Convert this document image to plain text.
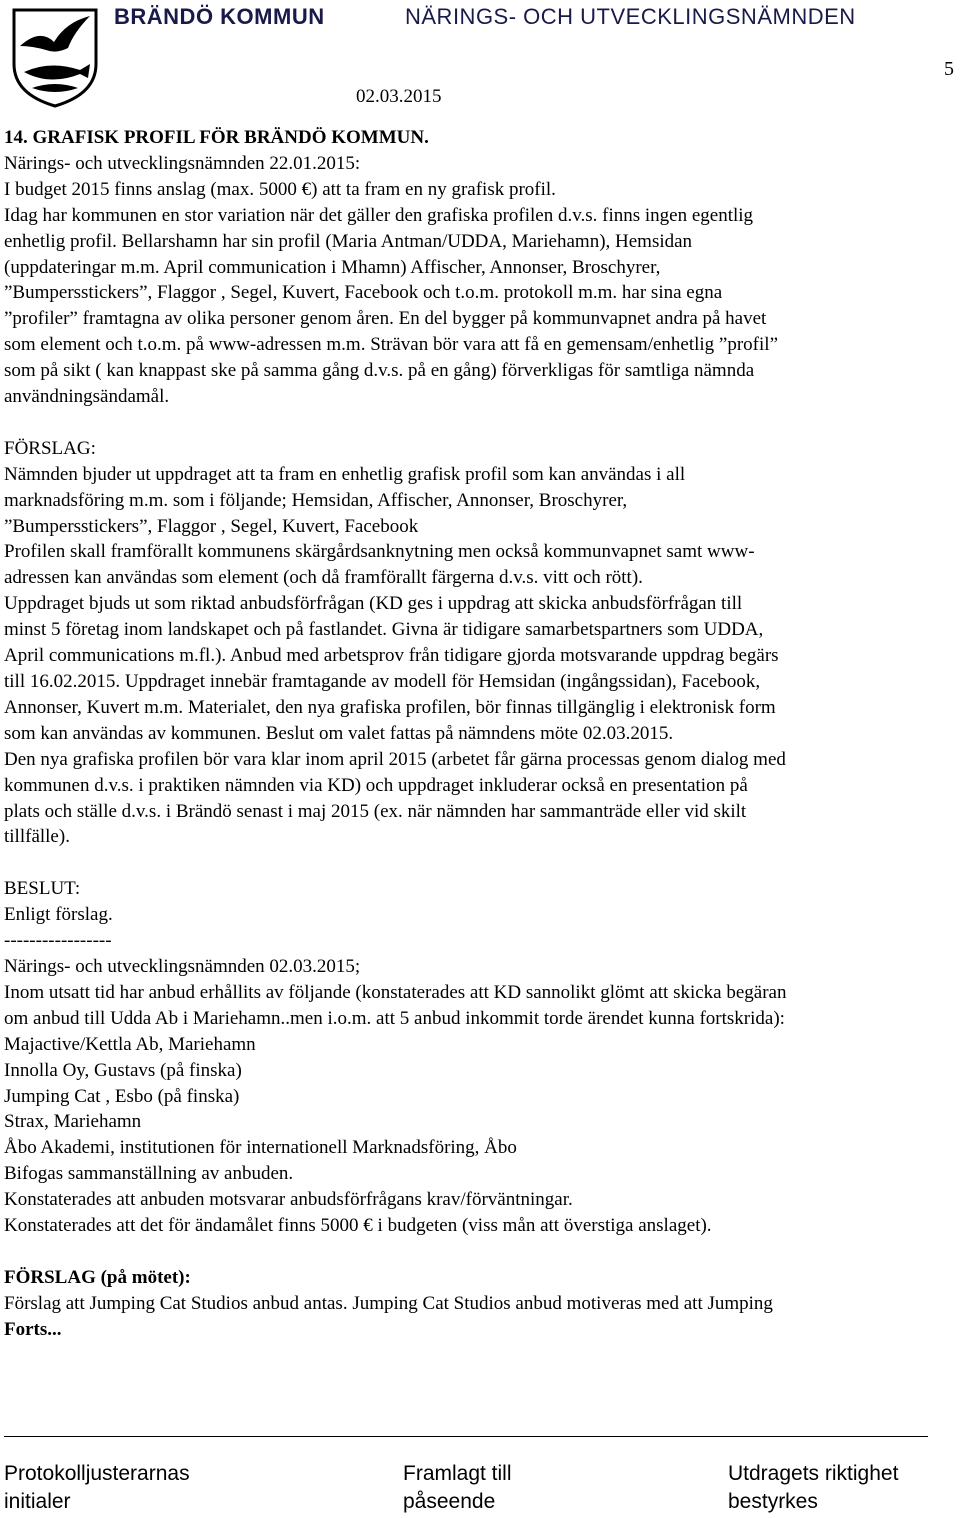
BRÄNDÖ KOMMUN	NÄRINGS- OCH UTVECKLINGSNÄMNDEN
5
02.03.2015
14. GRAFISK PROFIL FÖR BRÄNDÖ KOMMUN.
Närings- och utvecklingsnämnden 22.01.2015:
I budget 2015 finns anslag (max. 5000 €) att ta fram en ny grafisk profil.
Idag har kommunen en stor variation när det gäller den grafiska profilen d.v.s. finns ingen egentlig
enhetlig profil. Bellarshamn har sin profil (Maria Antman/UDDA, Mariehamn), Hemsidan
(uppdateringar m.m. April communication i Mhamn) Affischer, Annonser, Broschyrer,
”Bumpersstickers”, Flaggor , Segel, Kuvert, Facebook och t.o.m. protokoll m.m. har sina egna
”profiler” framtagna av olika personer genom åren. En del bygger på kommunvapnet andra på havet
som element och t.o.m. på www-adressen m.m. Strävan bör vara att få en gemensam/enhetlig ”profil”
som på sikt ( kan knappast ske på samma gång d.v.s. på en gång) förverkligas för samtliga nämnda
användningsändamål.
FÖRSLAG:
Nämnden bjuder ut uppdraget att ta fram en enhetlig grafisk profil som kan användas i all
marknadsföring m.m. som i följande; Hemsidan, Affischer, Annonser, Broschyrer,
”Bumpersstickers”, Flaggor , Segel, Kuvert, Facebook
Profilen skall framförallt kommunens skärgårdsanknytning men också kommunvapnet samt www-
adressen kan användas som element (och då framförallt färgerna d.v.s. vitt och rött).
Uppdraget bjuds ut som riktad anbudsförfrågan (KD ges i uppdrag att skicka anbudsförfrågan till
minst 5 företag inom landskapet och på fastlandet. Givna är tidigare samarbetspartners som UDDA,
April communications m.fl.). Anbud med arbetsprov från tidigare gjorda motsvarande uppdrag begärs
till 16.02.2015. Uppdraget innebär framtagande av modell för Hemsidan (ingångssidan), Facebook,
Annonser, Kuvert m.m. Materialet, den nya grafiska profilen, bör finnas tillgänglig i elektronisk form
som kan användas av kommunen. Beslut om valet fattas på nämndens möte 02.03.2015.
Den nya grafiska profilen bör vara klar inom april 2015 (arbetet får gärna processas genom dialog med
kommunen d.v.s. i praktiken nämnden via KD) och uppdraget inkluderar också en presentation på
plats och ställe d.v.s. i Brändö senast i maj 2015 (ex. när nämnden har sammanträde eller vid skilt
tillfälle).
BESLUT:
Enligt förslag.
-----------------
Närings- och utvecklingsnämnden 02.03.2015;
Inom utsatt tid har anbud erhållits av följande (konstaterades att KD sannolikt glömt att skicka begäran
om anbud till Udda Ab i Mariehamn..men i.o.m. att 5 anbud inkommit torde ärendet kunna fortskrida):
Majactive/Kettla Ab, Mariehamn
Innolla Oy, Gustavs (på finska)
Jumping Cat , Esbo (på finska)
Strax, Mariehamn
Åbo Akademi, institutionen för internationell Marknadsföring, Åbo
Bifogas sammanställning av anbuden.
Konstaterades att anbuden motsvarar anbudsförfrågans krav/förväntningar.
Konstaterades att det för ändamålet finns 5000 € i budgeten (viss mån att överstiga anslaget).
FÖRSLAG (på mötet):
Förslag att Jumping Cat Studios anbud antas. Jumping Cat Studios anbud motiveras med att Jumping
Forts...
Protokolljusterarnas
initialer
Framlagt till
påseende
Utdragets riktighet
bestyrkes
